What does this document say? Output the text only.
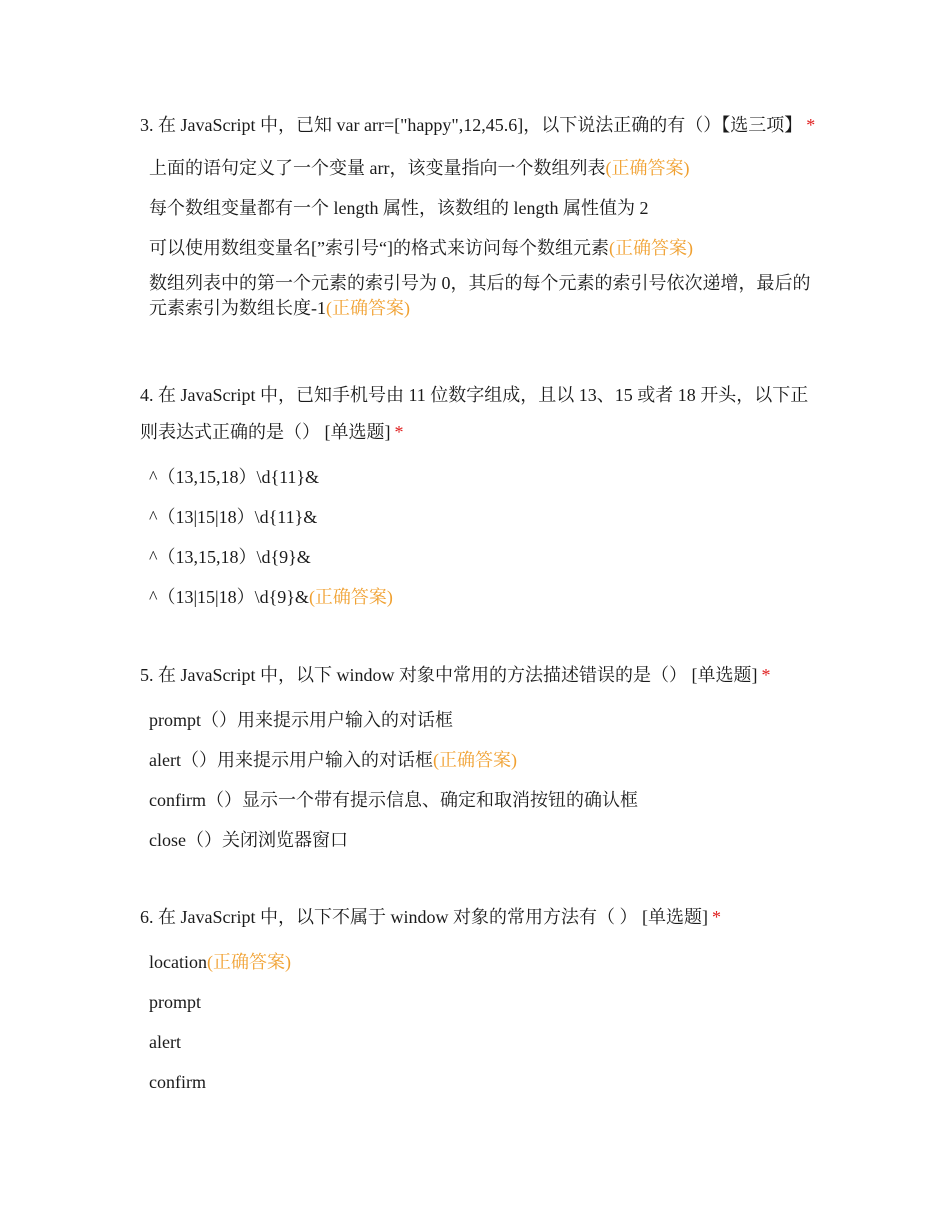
3. 在 JavaScript 中，已知 var arr=["happy",12,45.6]，以下说法正确的有（）【选三项】 *

上面的语句定义了一个变量 arr，该变量指向一个数组列表(正确答案)
每个数组变量都有一个 length 属性，该数组的 length 属性值为 2
可以使用数组变量名[”索引号“]的格式来访问每个数组元素(正确答案)
数组列表中的第一个元素的索引号为 0，其后的每个元素的索引号依次递增，最后的元素索引为数组长度-1(正确答案)

4. 在 JavaScript 中，已知手机号由 11 位数字组成，且以 13、15 或者 18 开头，以下正则表达式正确的是（） [单选题] *

^（13,15,18）\d{11}&
^（13|15|18）\d{11}&
^（13,15,18）\d{9}&
^（13|15|18）\d{9}&(正确答案)

5. 在 JavaScript 中，以下 window 对象中常用的方法描述错误的是（） [单选题] *

prompt（）用来提示用户输入的对话框
alert（）用来提示用户输入的对话框(正确答案)
confirm（）显示一个带有提示信息、确定和取消按钮的确认框
close（）关闭浏览器窗口

6. 在 JavaScript 中，以下不属于 window 对象的常用方法有（ ） [单选题] *

location(正确答案)
prompt
alert
confirm
